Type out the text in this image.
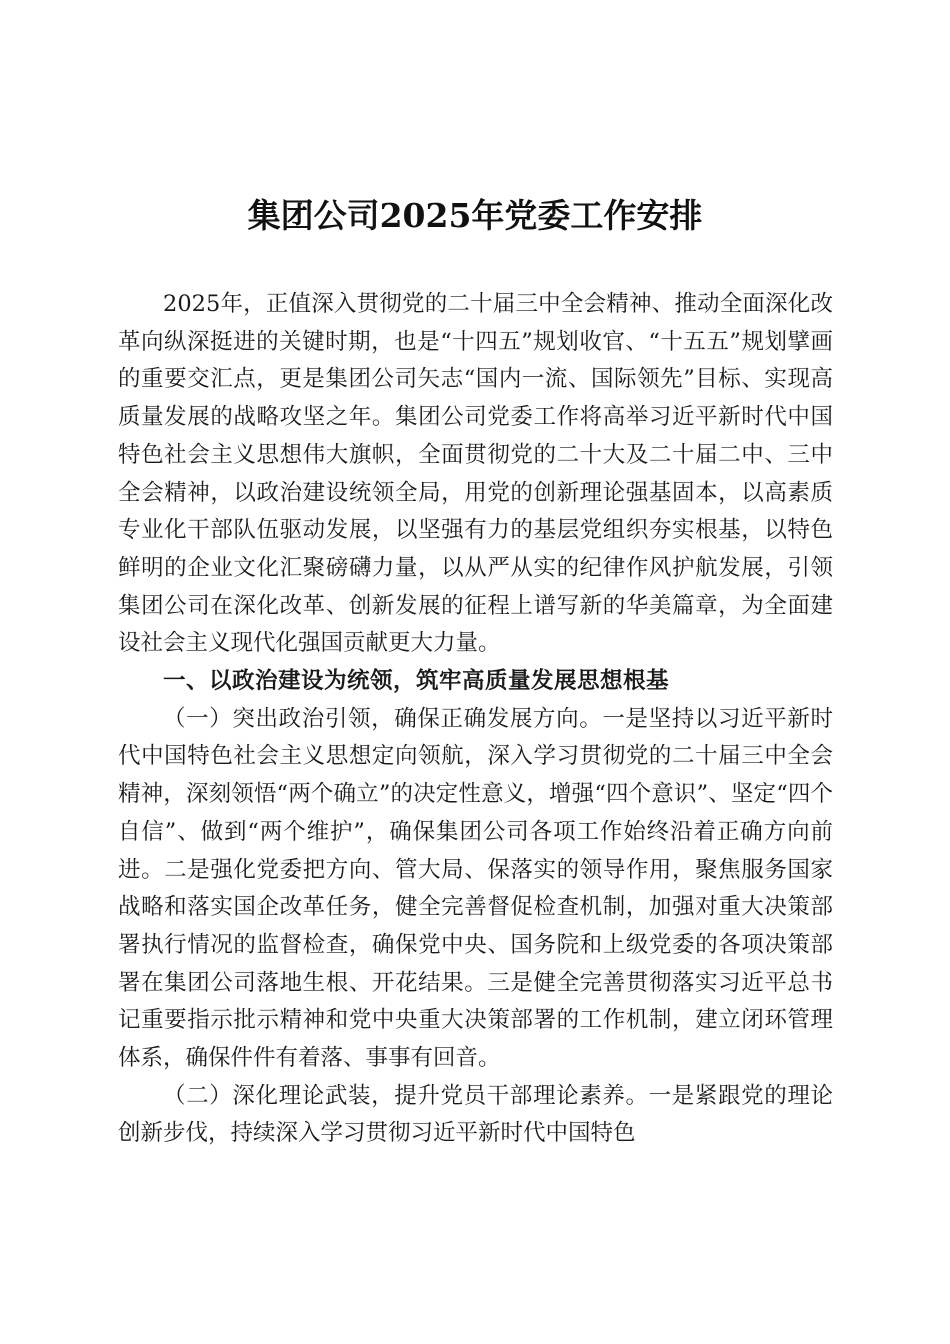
集团公司2025年党委工作安排

2025年，正值深入贯彻党的二十届三中全会精神、推动全面深化改革向纵深挺进的关键时期，也是“十四五”规划收官、“十五五”规划擘画的重要交汇点，更是集团公司矢志“国内一流、国际领先”目标、实现高质量发展的战略攻坚之年。集团公司党委工作将高举习近平新时代中国特色社会主义思想伟大旗帜，全面贯彻党的二十大及二十届二中、三中全会精神，以政治建设统领全局，用党的创新理论强基固本，以高素质专业化干部队伍驱动发展，以坚强有力的基层党组织夯实根基，以特色鲜明的企业文化汇聚磅礴力量，以从严从实的纪律作风护航发展，引领集团公司在深化改革、创新发展的征程上谱写新的华美篇章，为全面建设社会主义现代化强国贡献更大力量。

一、以政治建设为统领，筑牢高质量发展思想根基

（一）突出政治引领，确保正确发展方向。一是坚持以习近平新时代中国特色社会主义思想定向领航，深入学习贯彻党的二十届三中全会精神，深刻领悟“两个确立”的决定性意义，增强“四个意识”、坚定“四个自信”、做到“两个维护”，确保集团公司各项工作始终沿着正确方向前进。二是强化党委把方向、管大局、保落实的领导作用，聚焦服务国家战略和落实国企改革任务，健全完善督促检查机制，加强对重大决策部署执行情况的监督检查，确保党中央、国务院和上级党委的各项决策部署在集团公司落地生根、开花结果。三是健全完善贯彻落实习近平总书记重要指示批示精神和党中央重大决策部署的工作机制，建立闭环管理体系，确保件件有着落、事事有回音。

（二）深化理论武装，提升党员干部理论素养。一是紧跟党的理论创新步伐，持续深入学习贯彻习近平新时代中国特色
